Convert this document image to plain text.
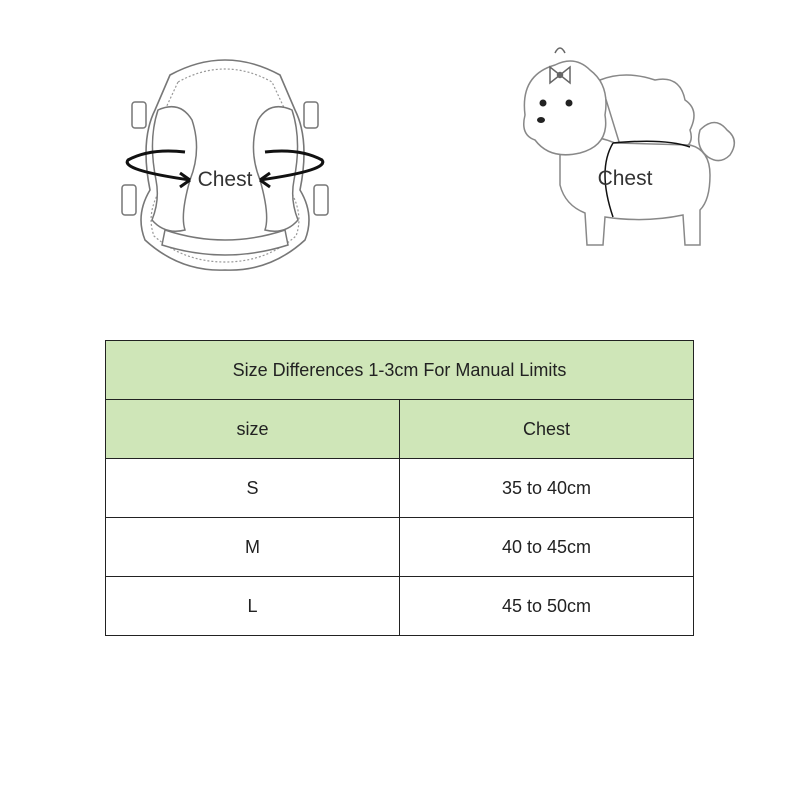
Chest	Chest
Size Differences 1-3cm For Manual Limits	
size	Chest
S	35 to 40cm
M	40 to 45cm
L	45 to 50cm
